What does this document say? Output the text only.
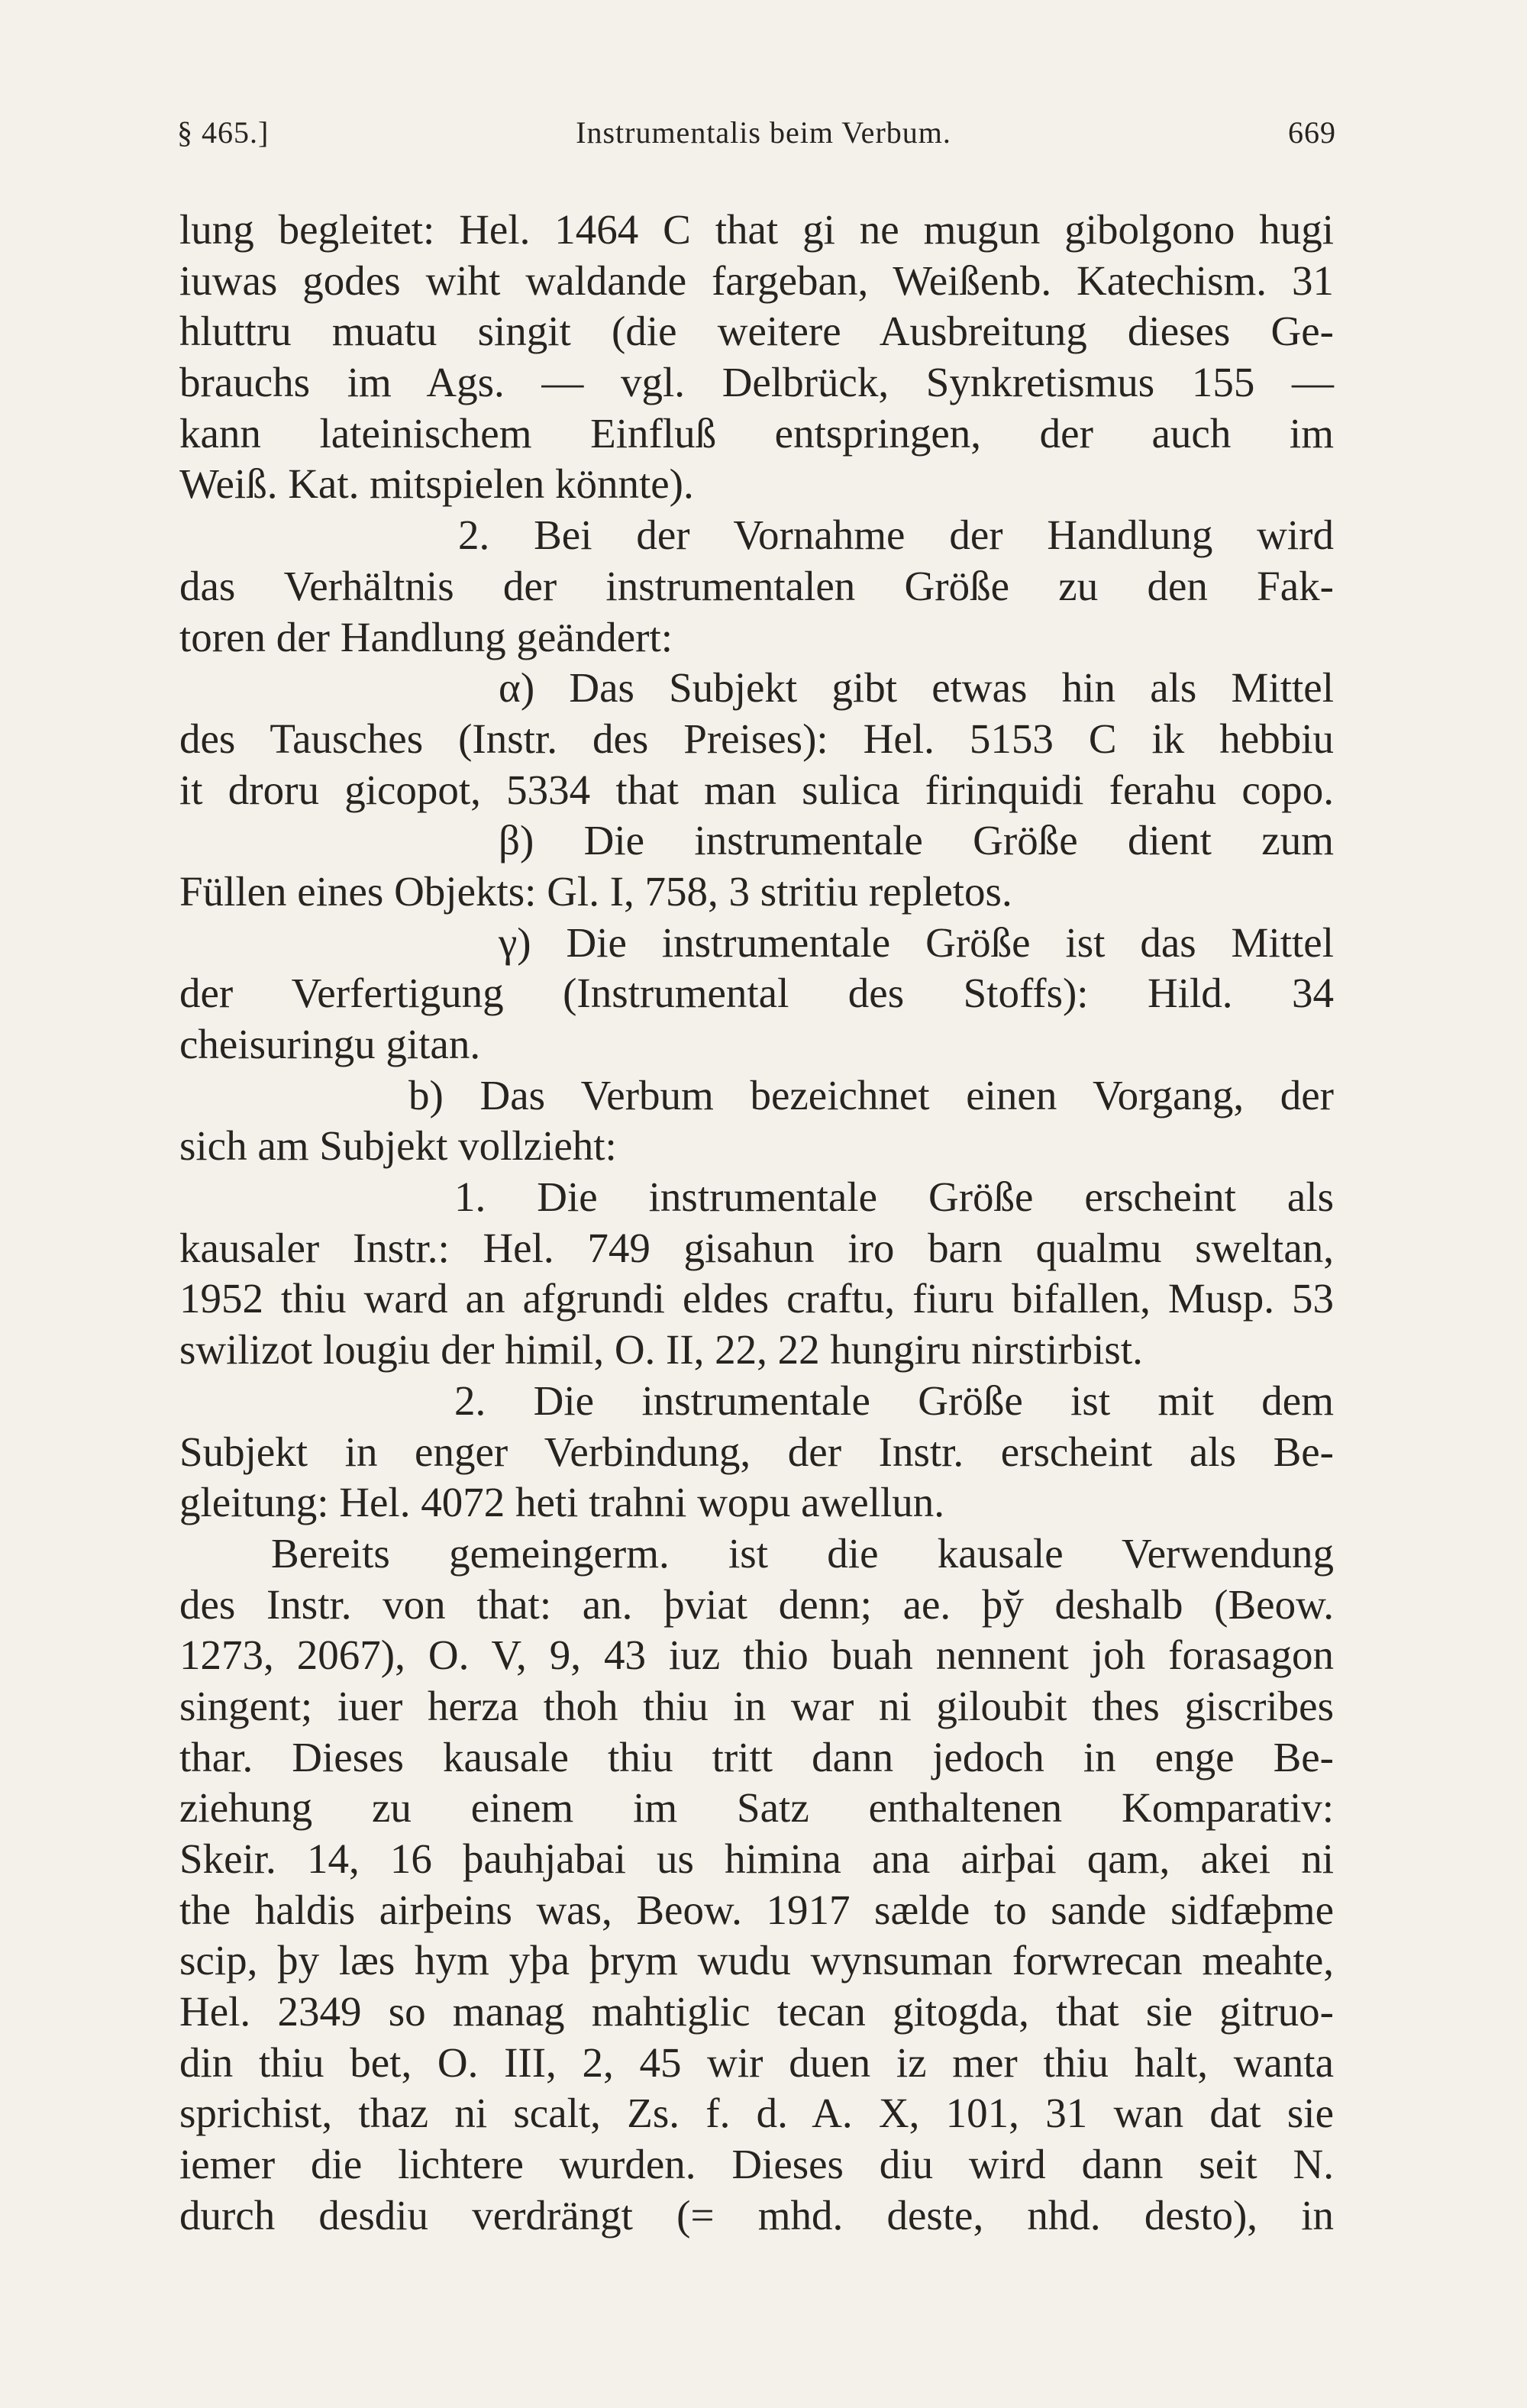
§ 465.]	Instrumentalis beim Verbum.	669
lung begleitet: Hel. 1464 C that gi ne mugun gibolgono hugi
iuwas godes wiht waldande fargeban, Weißenb. Katechism. 31
hluttru muatu singit (die weitere Ausbreitung dieses Ge-
brauchs im Ags. — vgl. Delbrück, Synkretismus 155 —
kann lateinischem Einfluß entspringen, der auch im
Weiß. Kat. mitspielen könnte).
2. Bei der Vornahme der Handlung wird
das Verhältnis der instrumentalen Größe zu den Fak-
toren der Handlung geändert:
α) Das Subjekt gibt etwas hin als Mittel
des Tausches (Instr. des Preises): Hel. 5153 C ik hebbiu
it droru gicopot, 5334 that man sulica firinquidi ferahu copo.
β) Die instrumentale Größe dient zum
Füllen eines Objekts: Gl. I, 758, 3 stritiu repletos.
γ) Die instrumentale Größe ist das Mittel
der Verfertigung (Instrumental des Stoffs): Hild. 34
cheisuringu gitan.
b) Das Verbum bezeichnet einen Vorgang, der
sich am Subjekt vollzieht:
1. Die instrumentale Größe erscheint als
kausaler Instr.: Hel. 749 gisahun iro barn qualmu sweltan,
1952 thiu ward an afgrundi eldes craftu, fiuru bifallen, Musp. 53
swilizot lougiu der himil, O. II, 22, 22 hungiru nirstirbist.
2. Die instrumentale Größe ist mit dem
Subjekt in enger Verbindung, der Instr. erscheint als Be-
gleitung: Hel. 4072 heti trahni wopu awellun.
Bereits gemeingerm. ist die kausale Verwendung
des Instr. von that: an. þviat denn; ae. þy̆ deshalb (Beow.
1273, 2067), O. V, 9, 43 iuz thio buah nennent joh forasagon
singent; iuer herza thoh thiu in war ni giloubit thes giscribes
thar. Dieses kausale thiu tritt dann jedoch in enge Be-
ziehung zu einem im Satz enthaltenen Komparativ:
Skeir. 14, 16 þauhjabai us himina ana airþai qam, akei ni
the haldis airþeins was, Beow. 1917 sælde to sande sidfæþme
scip, þy læs hym yþa þrym wudu wynsuman forwrecan meahte,
Hel. 2349 so manag mahtiglic tecan gitogda, that sie gitruo-
din thiu bet, O. III, 2, 45 wir duen iz mer thiu halt, wanta
sprichist, thaz ni scalt, Zs. f. d. A. X, 101, 31 wan dat sie
iemer die lichtere wurden. Dieses diu wird dann seit N.
durch desdiu verdrängt (= mhd. deste, nhd. desto), in
